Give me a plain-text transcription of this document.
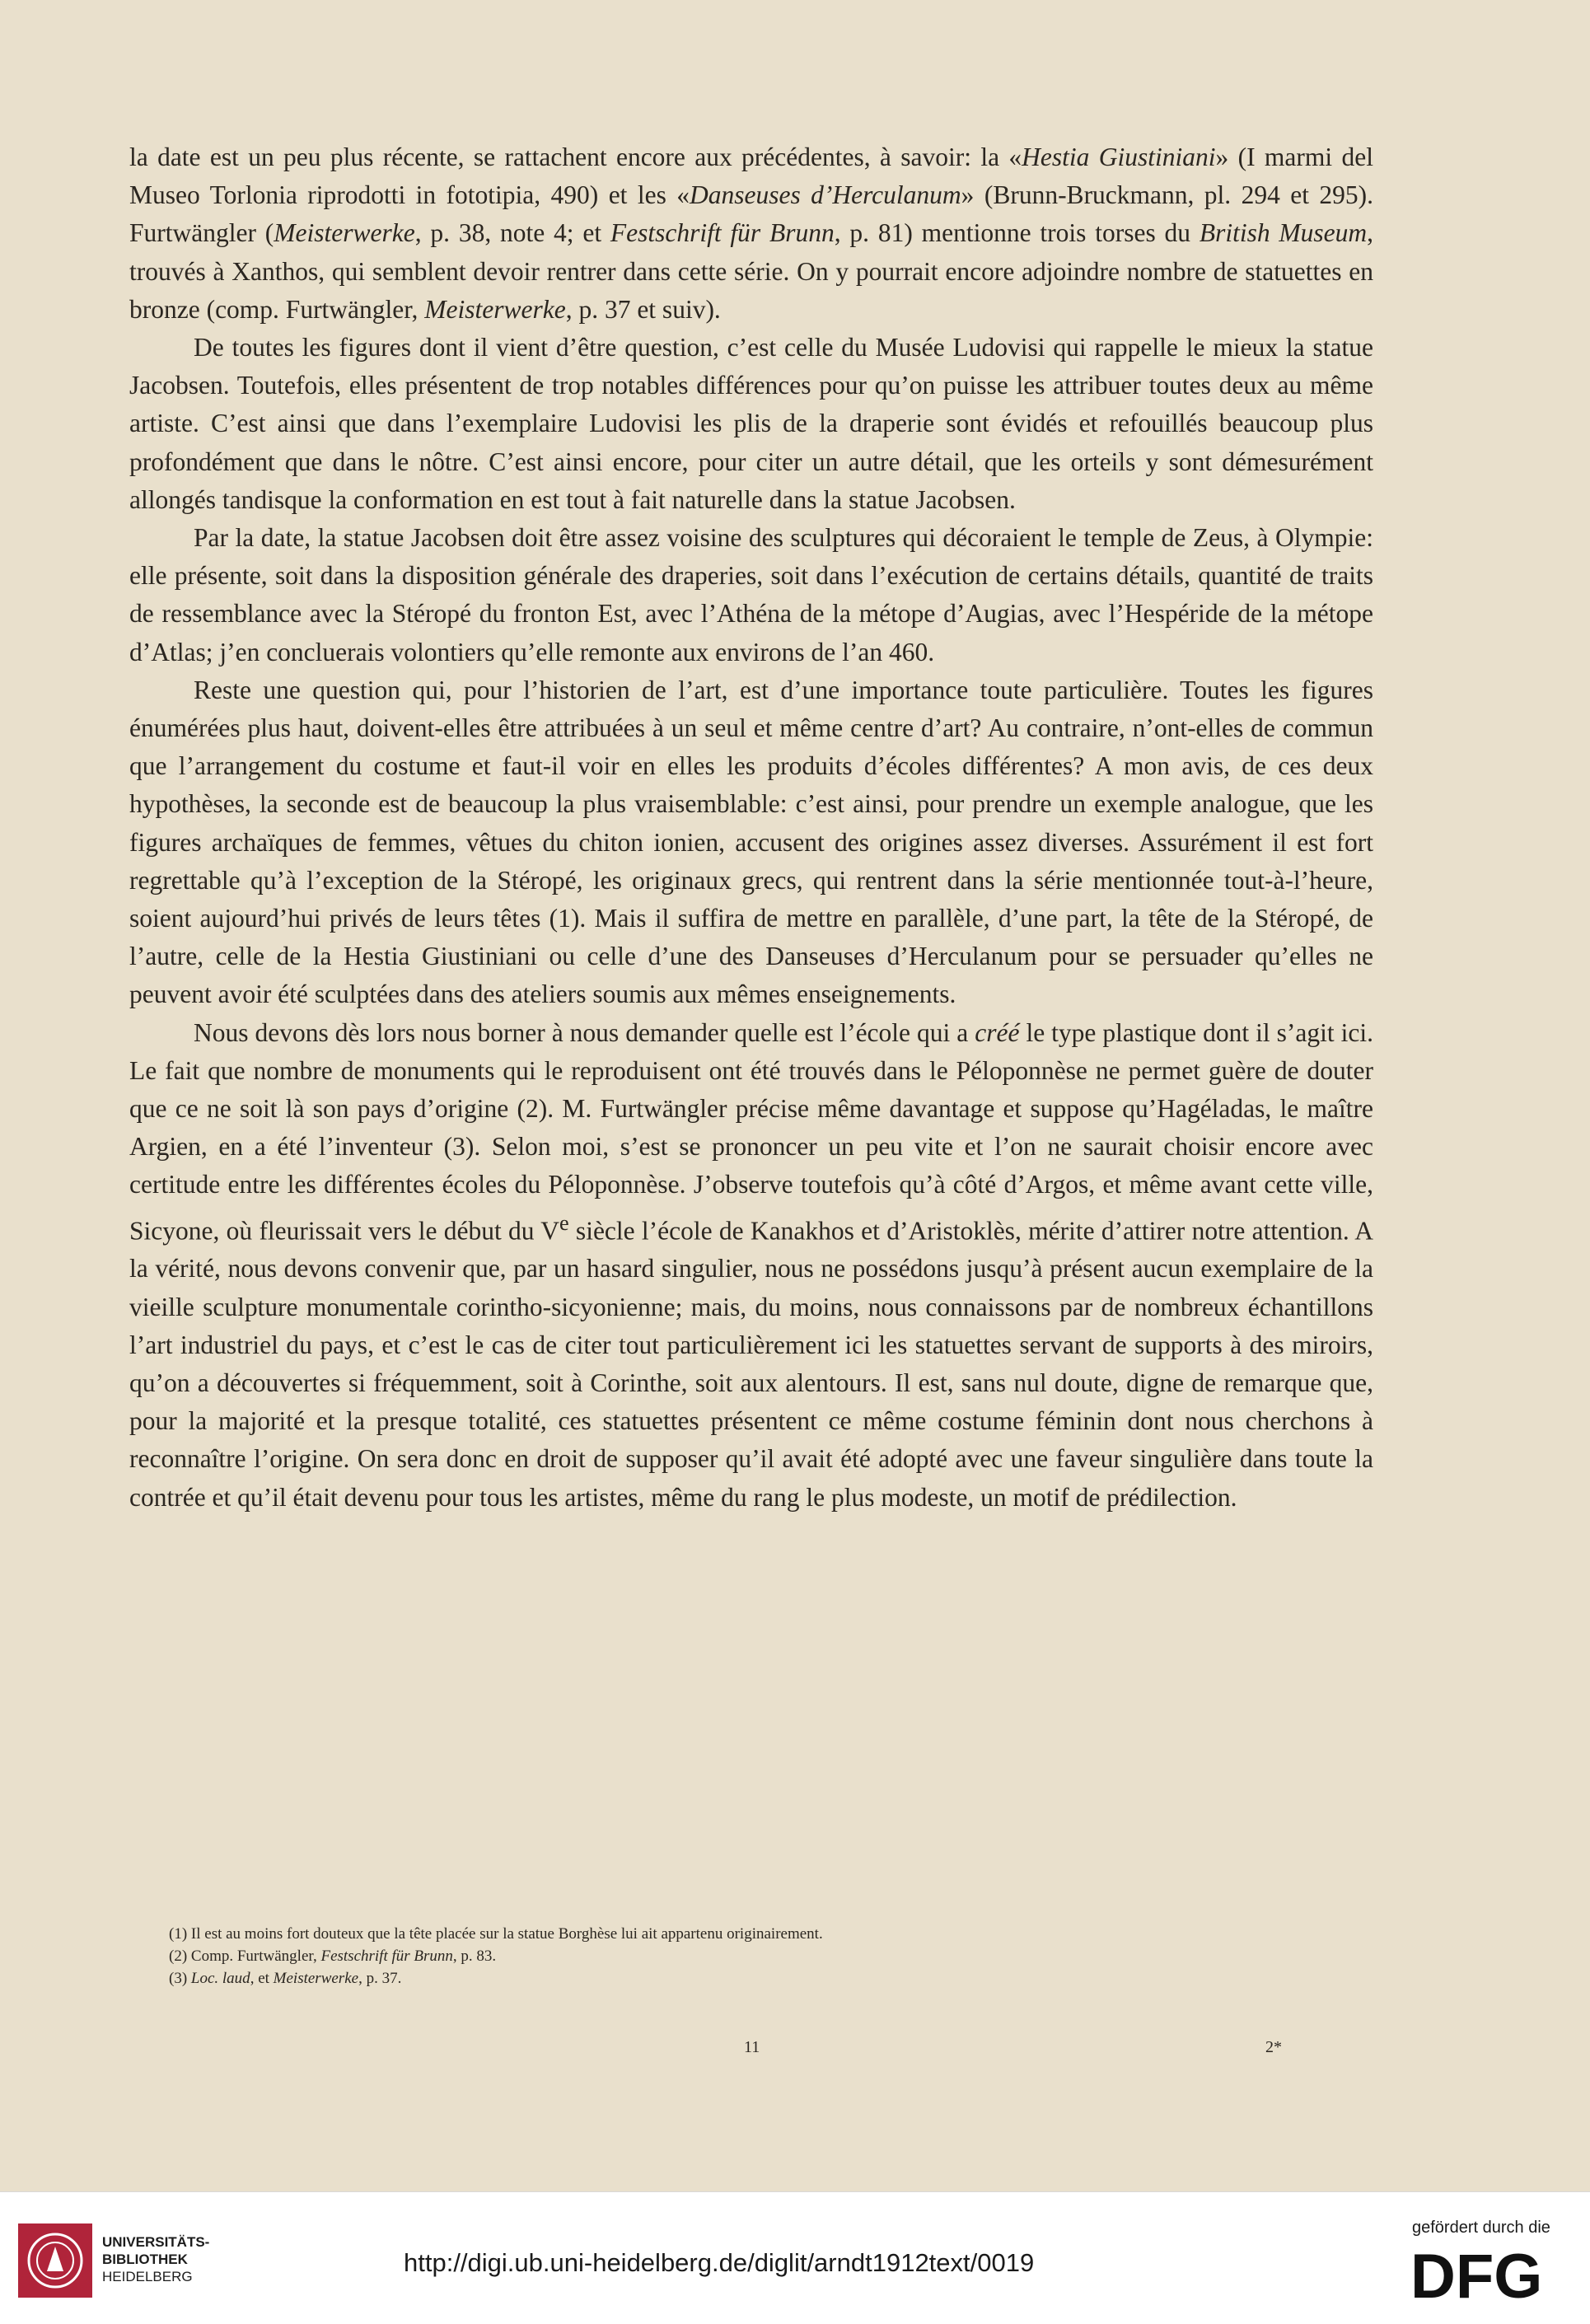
la date est un peu plus récente, se rattachent encore aux précédentes, à savoir: la «Hestia Giustiniani» (I marmi del Museo Torlonia riprodotti in fototipia, 490) et les «Danseuses d’Herculanum» (Brunn-Bruckmann, pl. 294 et 295). Furtwängler (Meisterwerke, p. 38, note 4; et Festschrift für Brunn, p. 81) mentionne trois torses du British Museum, trouvés à Xanthos, qui semblent devoir rentrer dans cette série. On y pourrait encore adjoindre nombre de statuettes en bronze (comp. Furtwängler, Meisterwerke, p. 37 et suiv).

De toutes les figures dont il vient d’être question, c’est celle du Musée Ludovisi qui rappelle le mieux la statue Jacobsen. Toutefois, elles présentent de trop notables différences pour qu’on puisse les attribuer toutes deux au même artiste. C’est ainsi que dans l’exemplaire Ludovisi les plis de la draperie sont évidés et refouillés beaucoup plus profondément que dans le nôtre. C’est ainsi encore, pour citer un autre détail, que les orteils y sont démesurément allongés tandisque la conformation en est tout à fait naturelle dans la statue Jacobsen.

Par la date, la statue Jacobsen doit être assez voisine des sculptures qui décoraient le temple de Zeus, à Olympie: elle présente, soit dans la disposition générale des draperies, soit dans l’exécution de certains détails, quantité de traits de ressemblance avec la Stéropé du fronton Est, avec l’Athéna de la métope d’Augias, avec l’Hespéride de la métope d’Atlas; j’en concluerais volontiers qu’elle remonte aux environs de l’an 460.

Reste une question qui, pour l’historien de l’art, est d’une importance toute particulière. Toutes les figures énumérées plus haut, doivent-elles être attribuées à un seul et même centre d’art? Au contraire, n’ont-elles de commun que l’arrangement du costume et faut-il voir en elles les produits d’écoles différentes? A mon avis, de ces deux hypothèses, la seconde est de beaucoup la plus vraisemblable: c’est ainsi, pour prendre un exemple analogue, que les figures archaïques de femmes, vêtues du chiton ionien, accusent des origines assez diverses. Assurément il est fort regrettable qu’à l’exception de la Stéropé, les originaux grecs, qui rentrent dans la série mentionnée tout-à-l’heure, soient aujourd’hui privés de leurs têtes (1). Mais il suffira de mettre en parallèle, d’une part, la tête de la Stéropé, de l’autre, celle de la Hestia Giustiniani ou celle d’une des Danseuses d’Herculanum pour se persuader qu’elles ne peuvent avoir été sculptées dans des ateliers soumis aux mêmes enseignements.

Nous devons dès lors nous borner à nous demander quelle est l’école qui a créé le type plastique dont il s’agit ici. Le fait que nombre de monuments qui le reproduisent ont été trouvés dans le Péloponnèse ne permet guère de douter que ce ne soit là son pays d’origine (2). M. Furtwängler précise même davantage et suppose qu’Hagéladas, le maître Argien, en a été l’inventeur (3). Selon moi, s’est se prononcer un peu vite et l’on ne saurait choisir encore avec certitude entre les différentes écoles du Péloponnèse. J’observe toutefois qu’à côté d’Argos, et même avant cette ville, Sicyone, où fleurissait vers le début du Ve siècle l’école de Kanakhos et d’Aristoklès, mérite d’attirer notre attention. A la vérité, nous devons convenir que, par un hasard singulier, nous ne possédons jusqu’à présent aucun exemplaire de la vieille sculpture monumentale corintho-sicyonienne; mais, du moins, nous connaissons par de nombreux échantillons l’art industriel du pays, et c’est le cas de citer tout particulièrement ici les statuettes servant de supports à des miroirs, qu’on a découvertes si fréquemment, soit à Corinthe, soit aux alentours. Il est, sans nul doute, digne de remarque que, pour la majorité et la presque totalité, ces statuettes présentent ce même costume féminin dont nous cherchons à reconnaître l’origine. On sera donc en droit de supposer qu’il avait été adopté avec une faveur singulière dans toute la contrée et qu’il était devenu pour tous les artistes, même du rang le plus modeste, un motif de prédilection.

(1) Il est au moins fort douteux que la tête placée sur la statue Borghèse lui ait appartenu originairement.

(2) Comp. Furtwängler, Festschrift für Brunn, p. 83.

(3) Loc. laud, et Meisterwerke, p. 37.

11	2*
UNIVERSITÄTS-
BIBLIOTHEK
HEIDELBERG	http://digi.ub.uni-heidelberg.de/diglit/arndt1912text/0019
gefördert durch die
DFG
